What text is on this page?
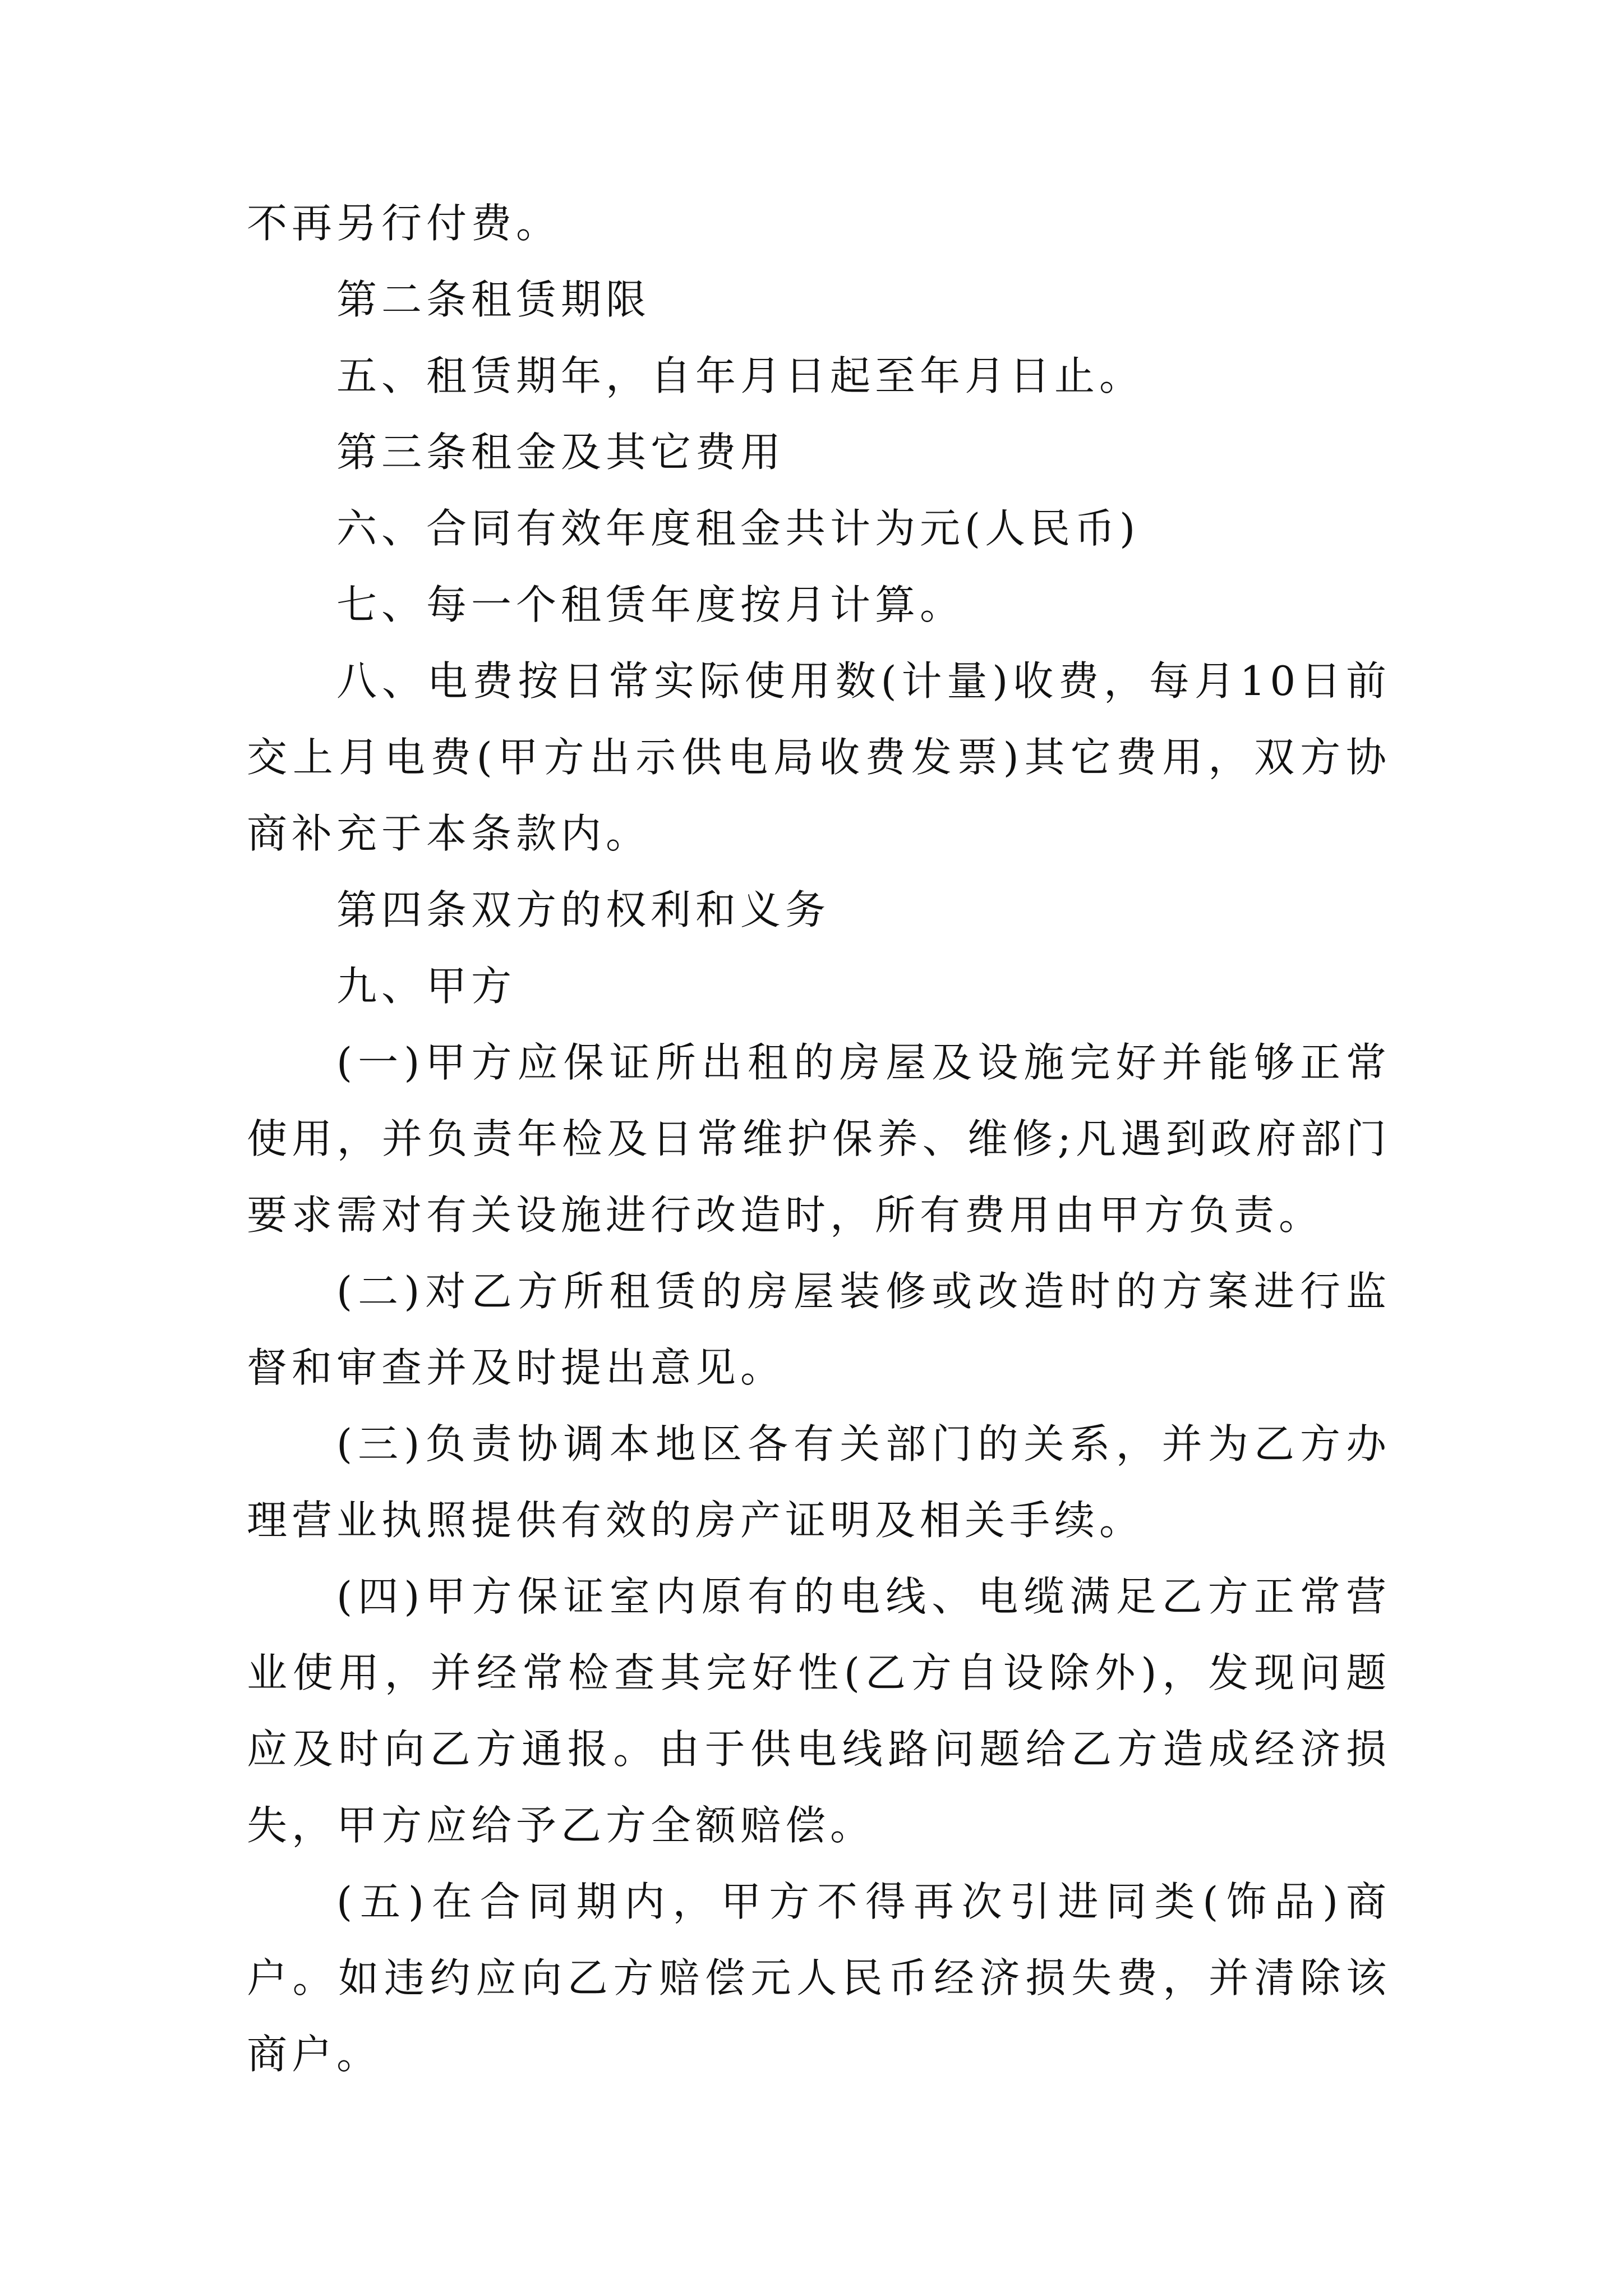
不再另行付费。

第二条租赁期限

五、租赁期年，自年月日起至年月日止。

第三条租金及其它费用

六、合同有效年度租金共计为元(人民币)

七、每一个租赁年度按月计算。

八、电费按日常实际使用数(计量)收费，每月10日前交上月电费(甲方出示供电局收费发票)其它费用，双方协商补充于本条款内。

第四条双方的权利和义务

九、甲方

(一)甲方应保证所出租的房屋及设施完好并能够正常使用，并负责年检及日常维护保养、维修;凡遇到政府部门要求需对有关设施进行改造时，所有费用由甲方负责。

(二)对乙方所租赁的房屋装修或改造时的方案进行监督和审查并及时提出意见。

(三)负责协调本地区各有关部门的关系，并为乙方办理营业执照提供有效的房产证明及相关手续。

(四)甲方保证室内原有的电线、电缆满足乙方正常营业使用，并经常检查其完好性(乙方自设除外)，发现问题应及时向乙方通报。由于供电线路问题给乙方造成经济损失，甲方应给予乙方全额赔偿。

(五)在合同期内，甲方不得再次引进同类(饰品)商户。如违约应向乙方赔偿元人民币经济损失费，并清除该商户。
